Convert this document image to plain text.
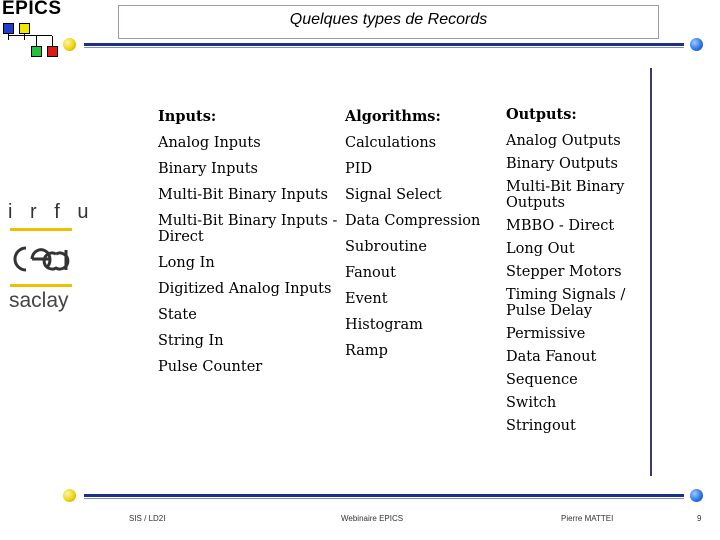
EPICS
Quelques types de Records
i r f u
saclay
Inputs:
Analog Inputs
Binary Inputs
Multi-Bit Binary Inputs
Multi-Bit Binary Inputs -
Direct
Long In
Digitized Analog Inputs
State
String In
Pulse Counter
Algorithms:
Calculations
PID
Signal Select
Data Compression
Subroutine
Fanout
Event
Histogram
Ramp
Outputs:
Analog Outputs
Binary Outputs
Multi-Bit Binary
Outputs
MBBO - Direct
Long Out
Stepper Motors
Timing Signals /
Pulse Delay
Permissive
Data Fanout
Sequence
Switch
Stringout
SIS / LD2I	Webinaire EPICS	Pierre MATTEI	9
